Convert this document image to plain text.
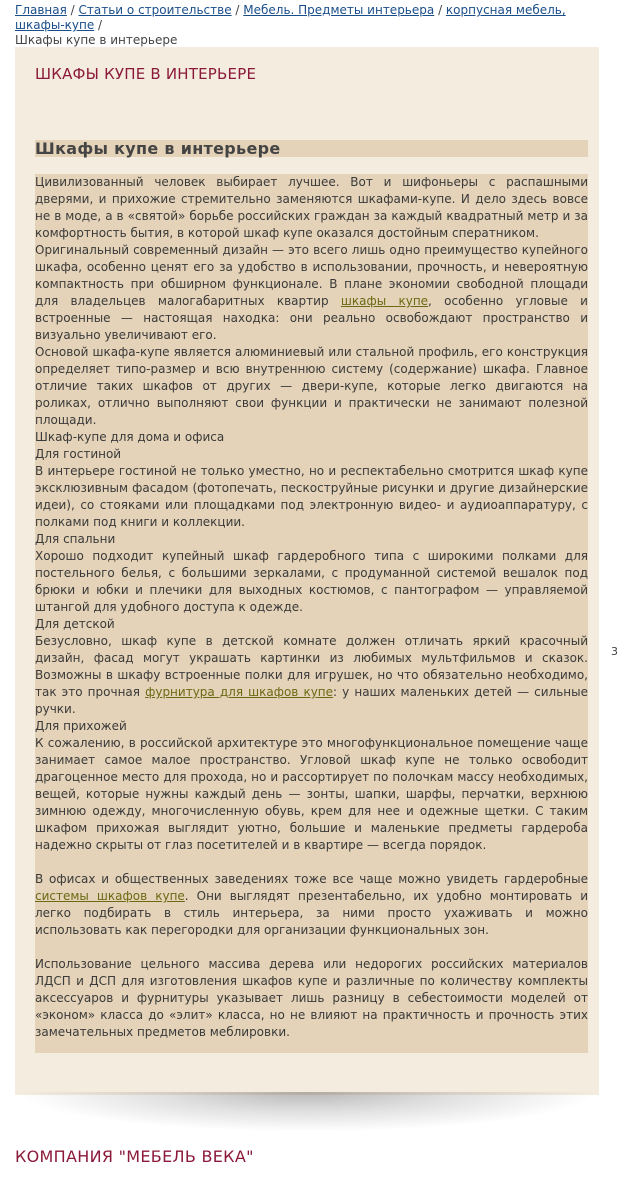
Главная / Статьи о строительстве / Мебель. Предметы интерьера / корпусная мебель, шкафы-купе /
Шкафы купе в интерьере
ШКАФЫ КУПЕ В ИНТЕРЬЕРЕ
Шкафы купе в интерьере

Цивилизованный человек выбирает лучшее. Вот и шифоньеры с распашными дверями, и прихожие стремительно заменяются шкафами-купе. И дело здесь вовсе не в моде, а в «святой» борьбе российских граждан за каждый квадратный метр и за комфортность бытия, в которой шкаф купе оказался достойным сператником.

Оригинальный современный дизайн — это всего лишь одно преимущество купейного шкафа, особенно ценят его за удобство в использовании, прочность, и невероятную компактность при обширном функционале. В плане экономии свободной площади для владельцев малогабаритных квартир шкафы купе, особенно угловые и встроенные — настоящая находка: они реально освобождают пространство и визуально увеличивают его.

Основой шкафа-купе является алюминиевый или стальной профиль, его конструкция определяет типо-размер и всю внутреннюю систему (содержание) шкафа. Главное отличие таких шкафов от других — двери-купе, которые легко двигаются на роликах, отлично выполняют свои функции и практически не занимают полезной площади.

Шкаф-купе для дома и офиса

Для гостиной

В интерьере гостиной не только уместно, но и респектабельно смотрится шкаф купе эксклюзивным фасадом (фотопечать, пескоструйные рисунки и другие дизайнерские идеи), со стояками или площадками под электронную видео- и аудиоаппаратуру, с полками под книги и коллекции.

Для спальни

Хорошо подходит купейный шкаф гардеробного типа с широкими полками для постельного белья, с большими зеркалами, с продуманной системой вешалок под брюки и юбки и плечики для выходных костюмов, с пантографом — управляемой штангой для удобного доступа к одежде.

Для детской

Безусловно, шкаф купе в детской комнате должен отличать яркий красочный дизайн, фасад могут украшать картинки из любимых мультфильмов и сказок. Возможны в шкафу встроенные полки для игрушек, но что обязательно необходимо, так это прочная фурнитура для шкафов купе: у наших маленьких детей — сильные ручки.

Для прихожей

К сожалению, в российской архитектуре это многофункциональное помещение чаще занимает самое малое пространство. Угловой шкаф купе не только освободит драгоценное место для прохода, но и рассортирует по полочкам массу необходимых, вещей, которые нужны каждый день — зонты, шапки, шарфы, перчатки, верхнюю зимнюю одежду, многочисленную обувь, крем для нее и одежные щетки. С таким шкафом прихожая выглядит уютно, большие и маленькие предметы гардероба надежно скрыты от глаз посетителей и в квартире — всегда порядок.

В офисах и общественных заведениях тоже все чаще можно увидеть гардеробные системы шкафов купе. Они выглядят презентабельно, их удобно монтировать и легко подбирать в стиль интерьера, за ними просто ухаживать и можно использовать как перегородки для организации функциональных зон.

Использование цельного массива дерева или недорогих российских материалов ЛДСП и ДСП для изготовления шкафов купе и различные по количеству комплекты аксессуаров и фурнитуры указывает лишь разницу в себестоимости моделей от «эконом» класса до «элит» класса, но не влияют на практичность и прочность этих замечательных предметов меблировки.

3
КОМПАНИЯ "МЕБЕЛЬ ВЕКА"
